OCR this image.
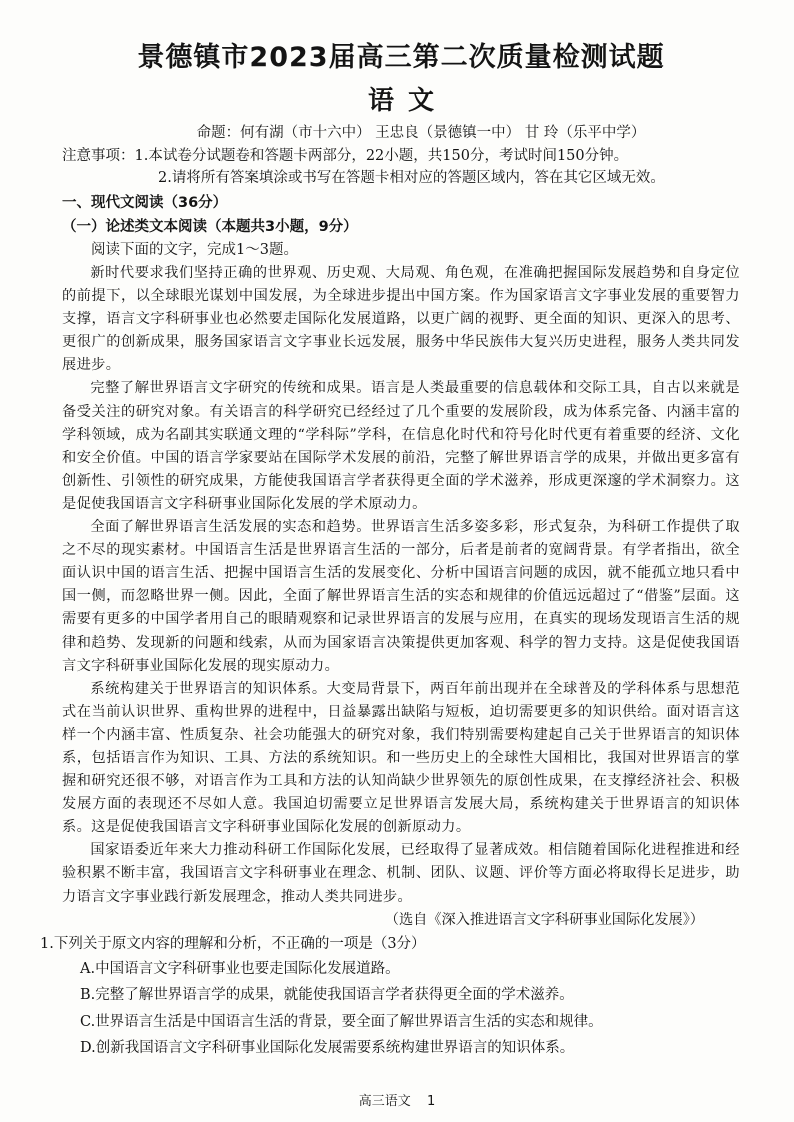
景德镇市2023届高三第二次质量检测试题
语文
命题：何有湖（市十六中） 王忠良（景德镇一中） 甘 玲（乐平中学）
注意事项：1.本试卷分试题卷和答题卡两部分，22小题，共150分，考试时间150分钟。
2.请将所有答案填涂或书写在答题卡相对应的答题区域内，答在其它区域无效。
一、现代文阅读（36分）
（一）论述类文本阅读（本题共3小题，9分）
阅读下面的文字，完成1～3题。

新时代要求我们坚持正确的世界观、历史观、大局观、角色观，在准确把握国际发展趋势和自身定位的前提下，以全球眼光谋划中国发展，为全球进步提出中国方案。作为国家语言文字事业发展的重要智力支撑，语言文字科研事业也必然要走国际化发展道路，以更广阔的视野、更全面的知识、更深入的思考、更很广的创新成果，服务国家语言文字事业长远发展，服务中华民族伟大复兴历史进程，服务人类共同发展进步。

完整了解世界语言文字研究的传统和成果。语言是人类最重要的信息载体和交际工具，自古以来就是备受关注的研究对象。有关语言的科学研究已经经过了几个重要的发展阶段，成为体系完备、内涵丰富的学科领域，成为名副其实联通文理的“学科际”学科，在信息化时代和符号化时代更有着重要的经济、文化和安全价值。中国的语言学家要站在国际学术发展的前沿，完整了解世界语言学的成果，并做出更多富有创新性、引领性的研究成果，方能使我国语言学者获得更全面的学术滋养，形成更深邃的学术洞察力。这是促使我国语言文字科研事业国际化发展的学术原动力。

全面了解世界语言生活发展的实态和趋势。世界语言生活多姿多彩，形式复杂，为科研工作提供了取之不尽的现实素材。中国语言生活是世界语言生活的一部分，后者是前者的宽阔背景。有学者指出，欲全面认识中国的语言生活、把握中国语言生活的发展变化、分析中国语言问题的成因，就不能孤立地只看中国一侧，而忽略世界一侧。因此，全面了解世界语言生活的实态和规律的价值远远超过了“借鉴”层面。这需要有更多的中国学者用自己的眼睛观察和记录世界语言的发展与应用，在真实的现场发现语言生活的规律和趋势、发现新的问题和线索，从而为国家语言决策提供更加客观、科学的智力支持。这是促使我国语言文字科研事业国际化发展的现实原动力。

系统构建关于世界语言的知识体系。大变局背景下，两百年前出现并在全球普及的学科体系与思想范式在当前认识世界、重构世界的进程中，日益暴露出缺陷与短板，迫切需要更多的知识供给。面对语言这样一个内涵丰富、性质复杂、社会功能强大的研究对象，我们特别需要构建起自己关于世界语言的知识体系，包括语言作为知识、工具、方法的系统知识。和一些历史上的全球性大国相比，我国对世界语言的掌握和研究还很不够，对语言作为工具和方法的认知尚缺少世界领先的原创性成果，在支撑经济社会、积极发展方面的表现还不尽如人意。我国迫切需要立足世界语言发展大局，系统构建关于世界语言的知识体系。这是促使我国语言文字科研事业国际化发展的创新原动力。

国家语委近年来大力推动科研工作国际化发展，已经取得了显著成效。相信随着国际化进程推进和经验积累不断丰富，我国语言文字科研事业在理念、机制、团队、议题、评价等方面必将取得长足进步，助力语言文字事业践行新发展理念，推动人类共同进步。

（选自《深入推进语言文字科研事业国际化发展》）
1.下列关于原文内容的理解和分析，不正确的一项是（3分）
A.中国语言文字科研事业也要走国际化发展道路。
B.完整了解世界语言学的成果，就能使我国语言学者获得更全面的学术滋养。
C.世界语言生活是中国语言生活的背景，要全面了解世界语言生活的实态和规律。
D.创新我国语言文字科研事业国际化发展需要系统构建世界语言的知识体系。
高三语文 1
